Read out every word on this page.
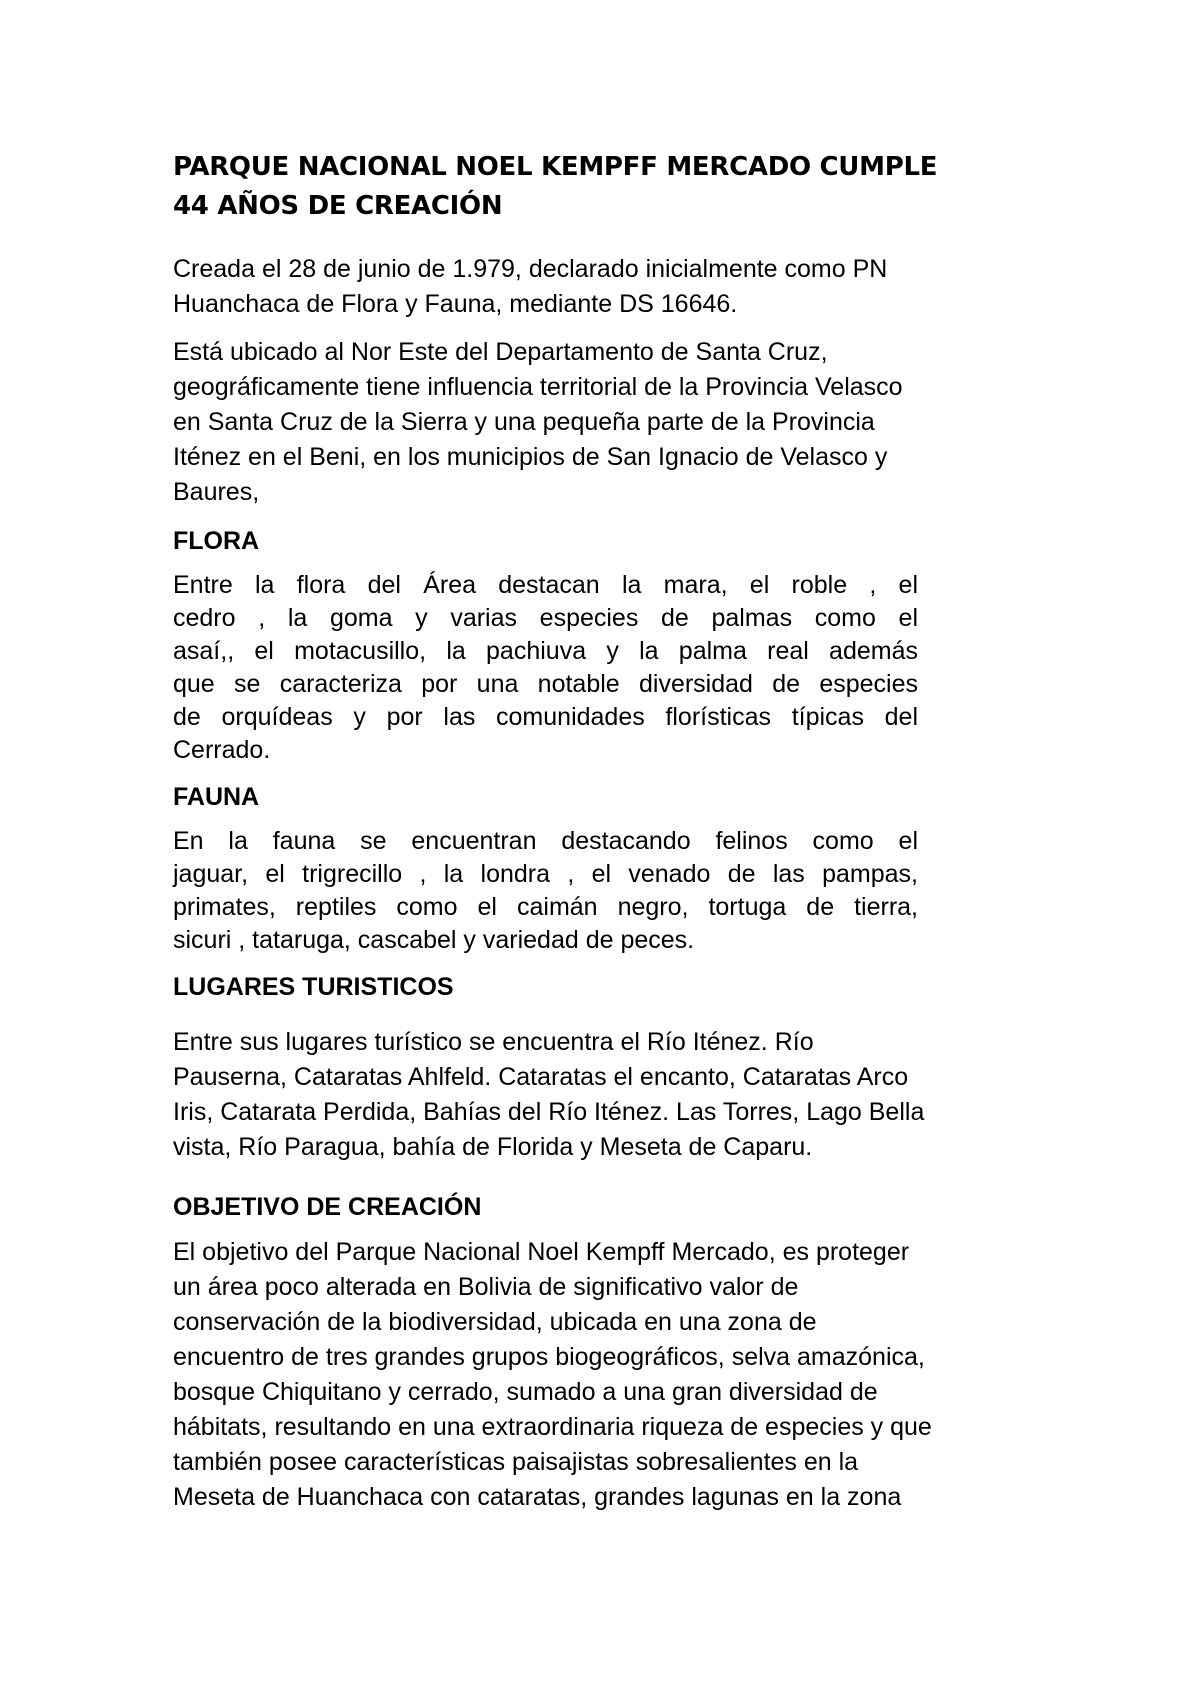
PARQUE NACIONAL NOEL KEMPFF MERCADO CUMPLE
44 AÑOS DE CREACIÓN

Creada el 28 de junio de 1.979, declarado inicialmente como PN
Huanchaca de Flora y Fauna, mediante DS 16646.

Está ubicado al Nor Este del Departamento de Santa Cruz,
geográficamente tiene influencia territorial de la Provincia Velasco
en Santa Cruz de la Sierra y una pequeña parte de la Provincia
Iténez en el Beni, en los municipios de San Ignacio de Velasco y
Baures,

FLORA

Entre la flora del Área destacan la mara, el roble , el
cedro , la goma y varias especies de palmas como el
asaí,, el motacusillo, la pachiuva y la palma real además
que se caracteriza por una notable diversidad de especies
de orquídeas y por las comunidades florísticas típicas del
Cerrado.

FAUNA

En la fauna se encuentran destacando felinos como el
jaguar, el trigrecillo , la londra , el venado de las pampas,
primates, reptiles como el caimán negro, tortuga de tierra,
sicuri , tataruga, cascabel y variedad de peces.

LUGARES TURISTICOS

Entre sus lugares turístico se encuentra el Río Iténez. Río
Pauserna, Cataratas Ahlfeld. Cataratas el encanto, Cataratas Arco
Iris, Catarata Perdida, Bahías del Río Iténez. Las Torres, Lago Bella
vista, Río Paragua, bahía de Florida y Meseta de Caparu.

OBJETIVO DE CREACIÓN

El objetivo del Parque Nacional Noel Kempff Mercado, es proteger
un área poco alterada en Bolivia de significativo valor de
conservación de la biodiversidad, ubicada en una zona de
encuentro de tres grandes grupos biogeográficos, selva amazónica,
bosque Chiquitano y cerrado, sumado a una gran diversidad de
hábitats, resultando en una extraordinaria riqueza de especies y que
también posee características paisajistas sobresalientes en la
Meseta de Huanchaca con cataratas, grandes lagunas en la zona
